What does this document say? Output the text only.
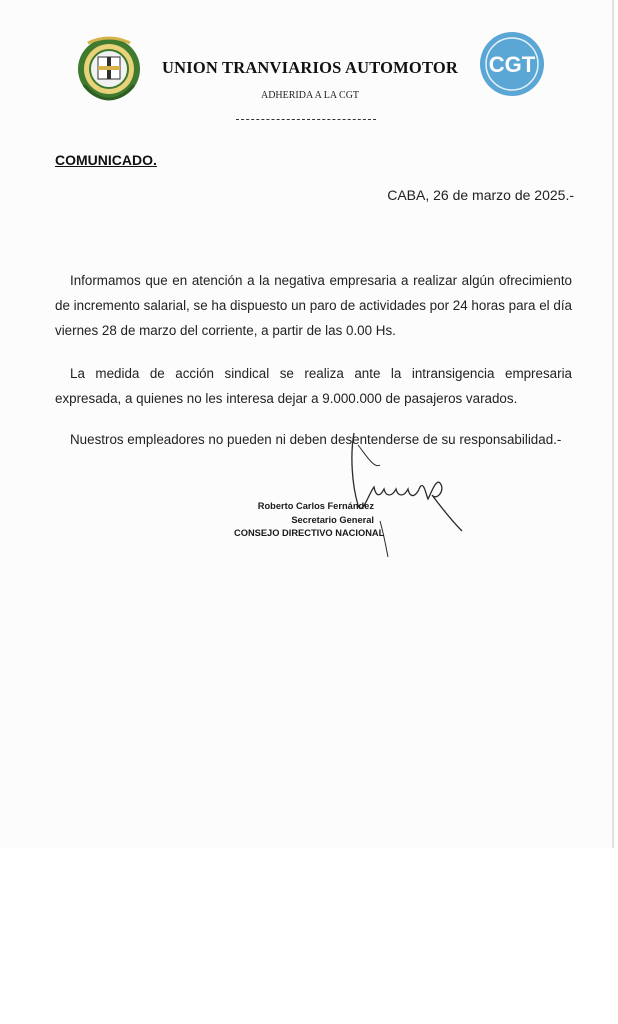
CGT
UNION TRANVIARIOS AUTOMOTOR
ADHERIDA A LA CGT
COMUNICADO.
CABA, 26 de marzo de 2025.-

Informamos que en atención a la negativa empresaria a realizar algún ofrecimiento de incremento salarial, se ha dispuesto un paro de actividades por 24 horas para el día viernes 28 de marzo del corriente, a partir de las 0.00 Hs.

La medida de acción sindical se realiza ante la intransigencia empresaria expresada, a quienes no les interesa dejar a 9.000.000 de pasajeros varados.

Nuestros empleadores no pueden ni deben desentenderse de su responsabilidad.-

Roberto Carlos Fernández
Secretario General
CONSEJO DIRECTIVO NACIONAL
